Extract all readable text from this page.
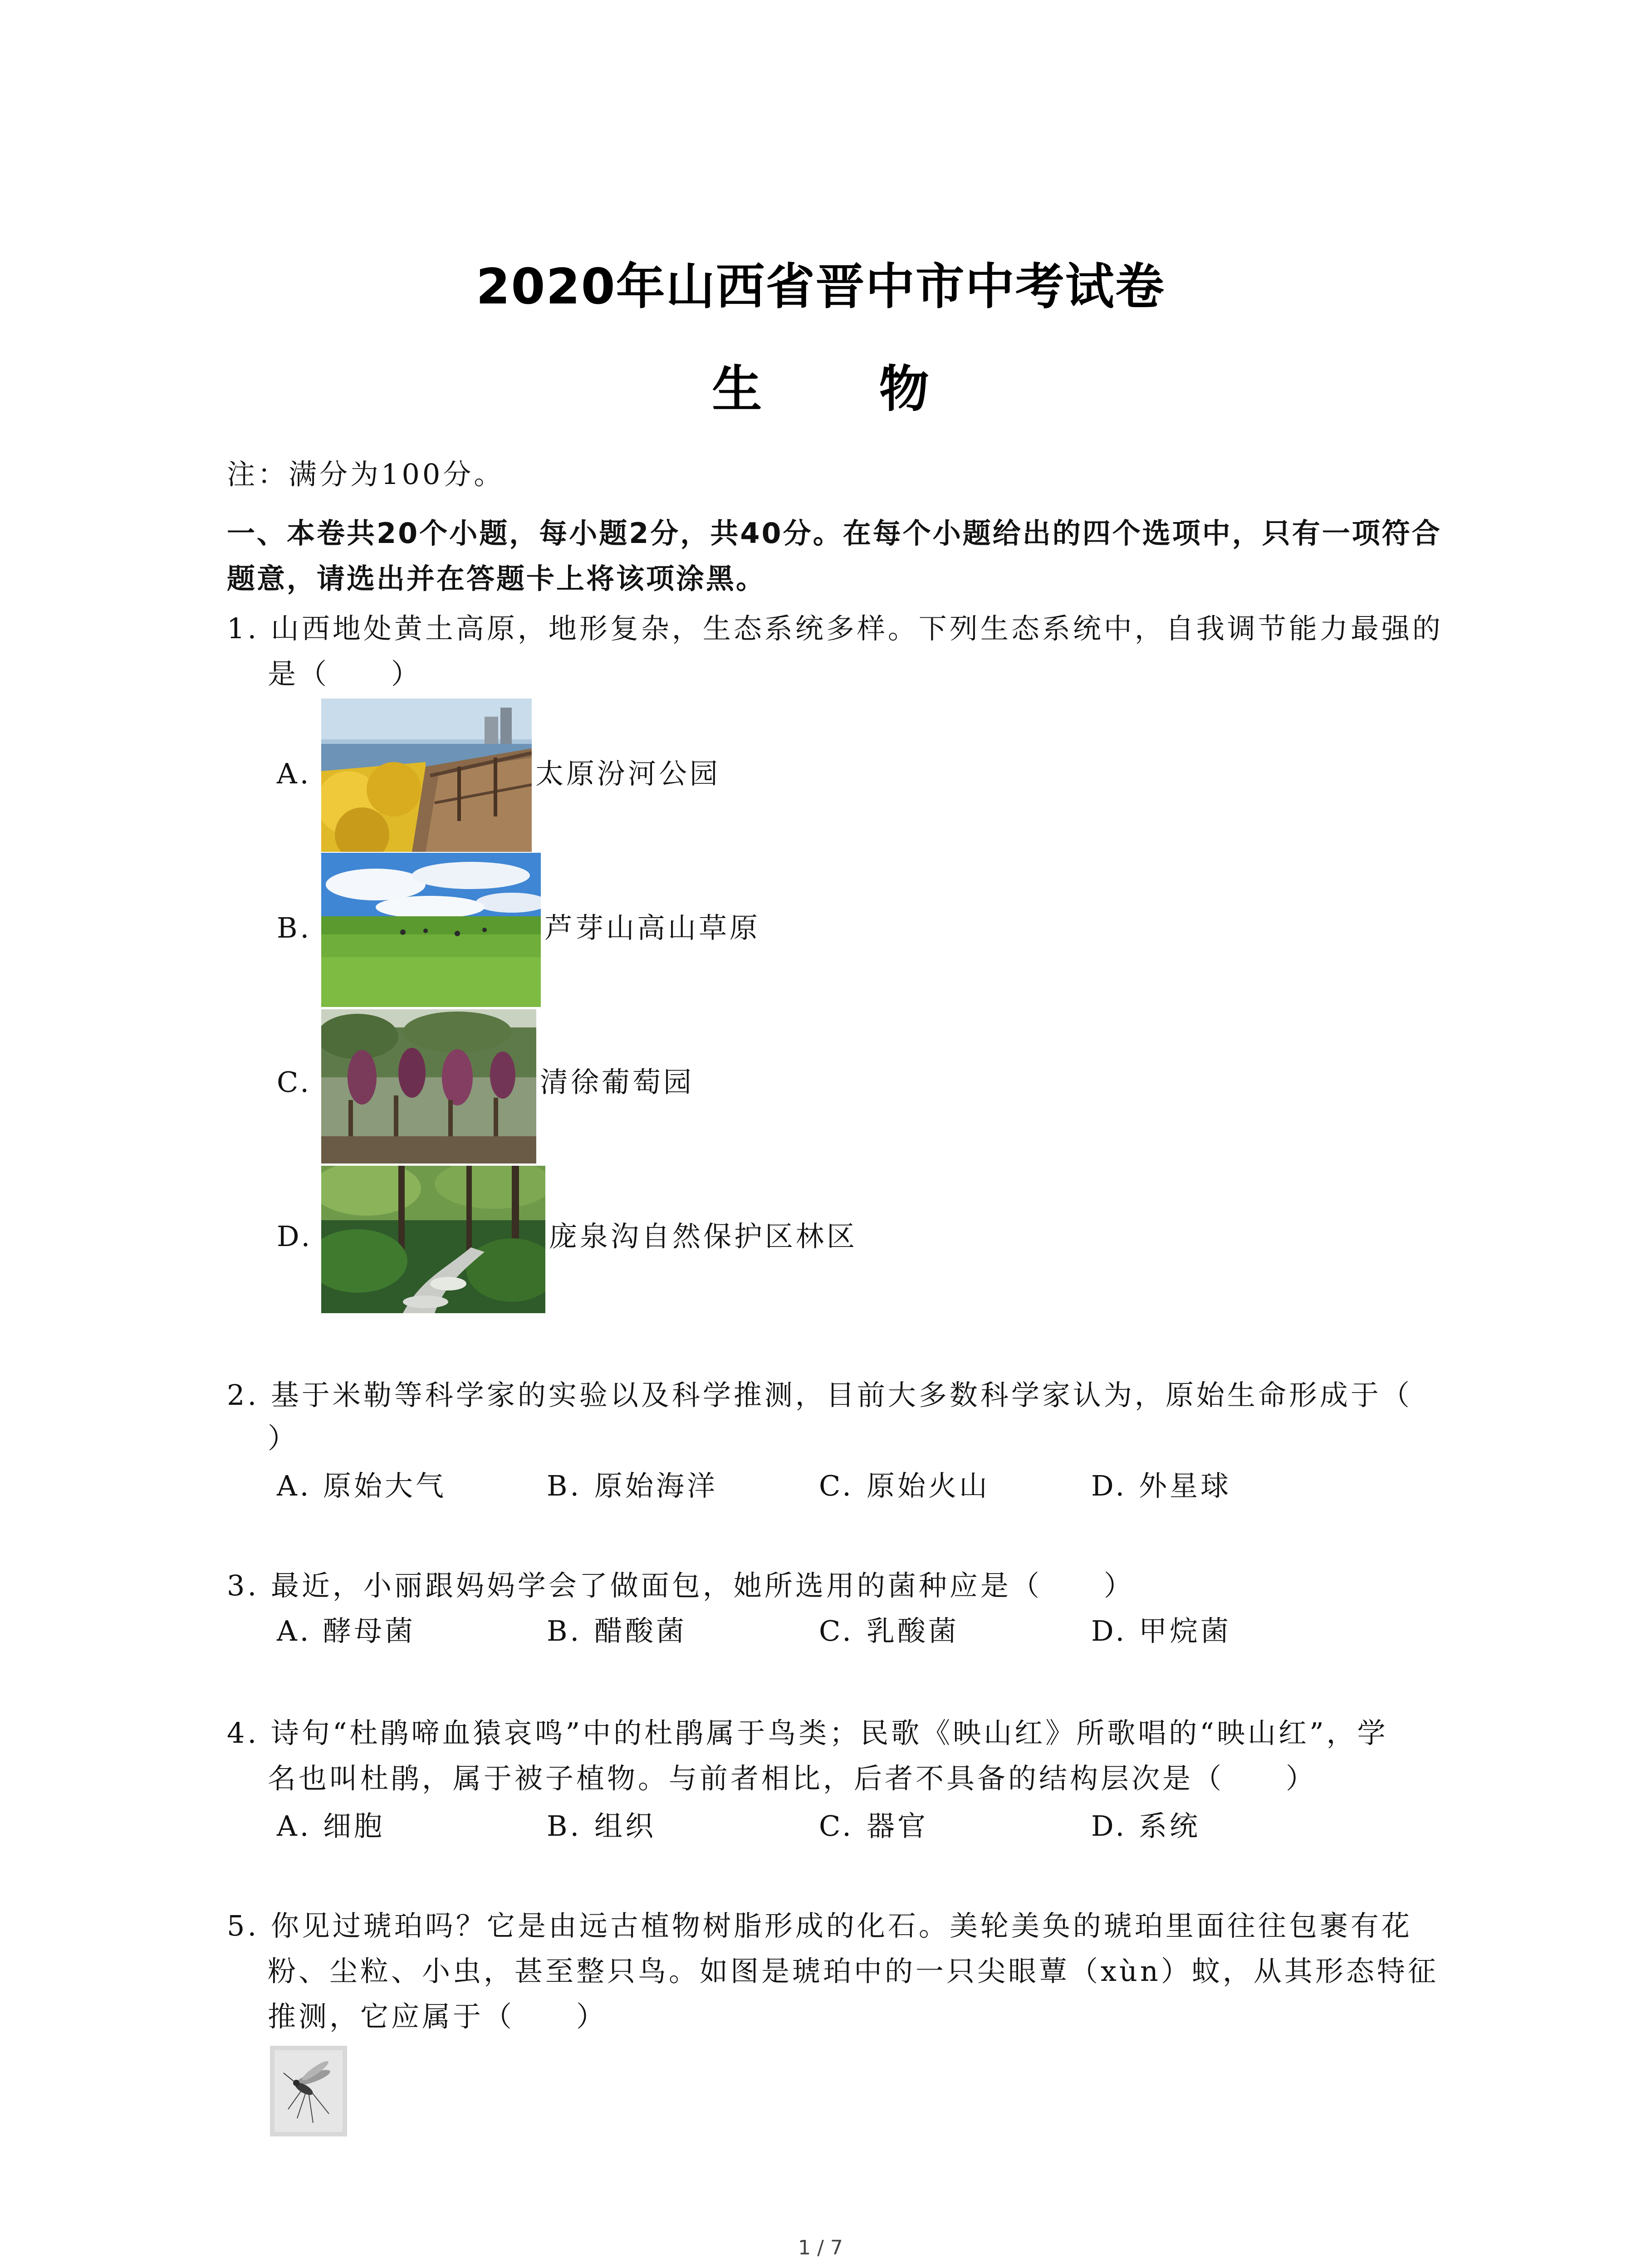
2020年山西省晋中市中考试卷
生 物
注：满分为100分。
一、本卷共20个小题，每小题2分，共40分。在每个小题给出的四个选项中，只有一项符合
题意，请选出并在答题卡上将该项涂黑。
1. 山西地处黄土高原，地形复杂，生态系统多样。下列生态系统中，自我调节能力最强的
是（　　）
A.	太原汾河公园
B.	芦芽山高山草原
C.	清徐葡萄园
D.	庞泉沟自然保护区林区
2. 基于米勒等科学家的实验以及科学推测，目前大多数科学家认为，原始生命形成于（
）
A. 原始大气	B. 原始海洋	C. 原始火山	D. 外星球
3. 最近，小丽跟妈妈学会了做面包，她所选用的菌种应是（　　）
A. 酵母菌	B. 醋酸菌	C. 乳酸菌	D. 甲烷菌
4. 诗句“杜鹃啼血猿哀鸣”中的杜鹃属于鸟类；民歌《映山红》所歌唱的“映山红”，学
名也叫杜鹃，属于被子植物。与前者相比，后者不具备的结构层次是（　　）
A. 细胞	B. 组织	C. 器官	D. 系统
5. 你见过琥珀吗？它是由远古植物树脂形成的化石。美轮美奂的琥珀里面往往包裹有花
粉、尘粒、小虫，甚至整只鸟。如图是琥珀中的一只尖眼蕈（xùn）蚊，从其形态特征
推测，它应属于（　　）
1 / 7
